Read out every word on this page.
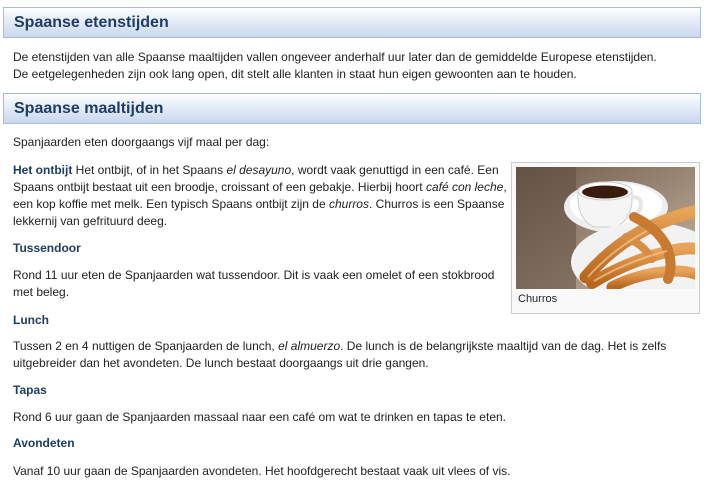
Spaanse etenstijden

De etenstijden van alle Spaanse maaltijden vallen ongeveer anderhalf uur later dan de gemiddelde Europese etenstijden.
De eetgelegenheden zijn ook lang open, dit stelt alle klanten in staat hun eigen gewoonten aan te houden.

Spaanse maaltijden

Spanjaarden eten doorgaangs vijf maal per dag:

Het ontbijt Het ontbijt, of in het Spaans el desayuno, wordt vaak genuttigd in een café. Een Spaans ontbijt bestaat uit een broodje, croissant of een gebakje. Hierbij hoort café con leche, een kop koffie met melk. Een typisch Spaans ontbijt zijn de churros. Churros is een Spaanse lekkernij van gefrituurd deeg.

Churros

Tussendoor

Rond 11 uur eten de Spanjaarden wat tussendoor. Dit is vaak een omelet of een stokbrood met beleg.

Lunch

Tussen 2 en 4 nuttigen de Spanjaarden de lunch, el almuerzo. De lunch is de belangrijkste maaltijd van de dag. Het is zelfs uitgebreider dan het avondeten. De lunch bestaat doorgaangs uit drie gangen.

Tapas

Rond 6 uur gaan de Spanjaarden massaal naar een café om wat te drinken en tapas te eten.

Avondeten

Vanaf 10 uur gaan de Spanjaarden avondeten. Het hoofdgerecht bestaat vaak uit vlees of vis.
